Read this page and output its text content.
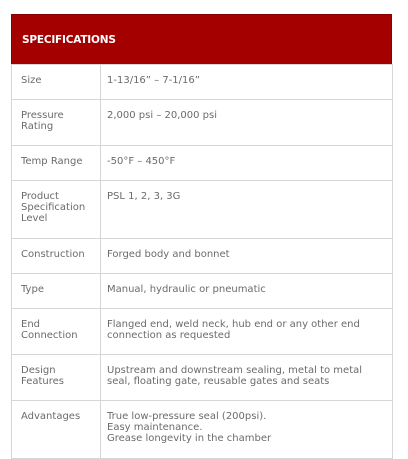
SPECIFICATIONS
Size	1-13/16” – 7-1/16”
Pressure Rating	2,000 psi – 20,000 psi
Temp Range	-50°F – 450°F
Product Specification Level	PSL 1, 2, 3, 3G
Construction	Forged body and bonnet
Type	Manual, hydraulic or pneumatic
End Connection	Flanged end, weld neck, hub end or any other end connection as requested
Design Features	Upstream and downstream sealing, metal to metal seal, floating gate, reusable gates and seats
Advantages	True low-pressure seal (200psi).
Easy maintenance.
Grease longevity in the chamber
